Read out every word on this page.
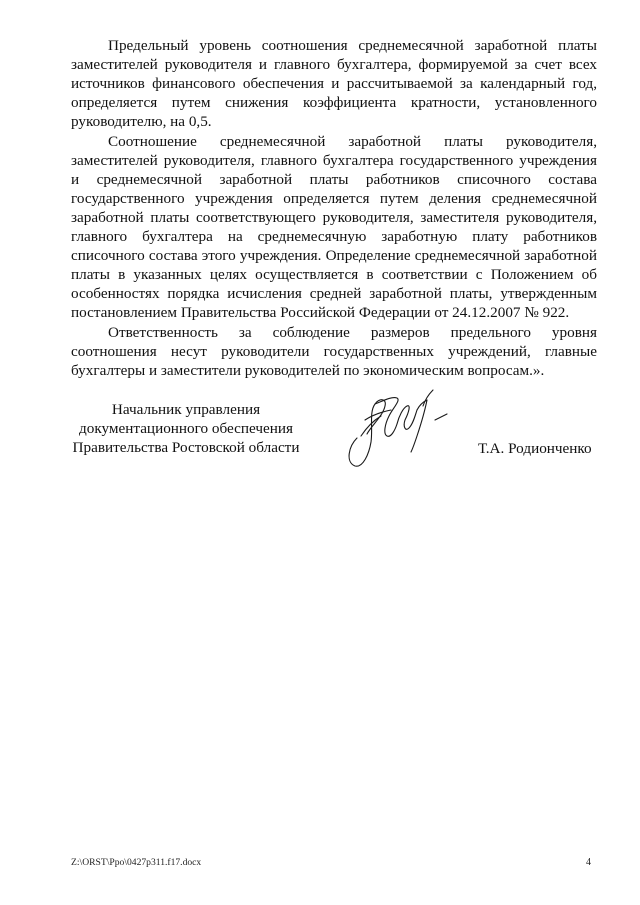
Предельный уровень соотношения среднемесячной заработной платы заместителей руководителя и главного бухгалтера, формируемой за счет всех источников финансового обеспечения и рассчитываемой за календарный год, определяется путем снижения коэффициента кратности, установленного руководителю, на 0,5.

Соотношение среднемесячной заработной платы руководителя, заместителей руководителя, главного бухгалтера государственного учреждения и среднемесячной заработной платы работников списочного состава государственного учреждения определяется путем деления среднемесячной заработной платы соответствующего руководителя, заместителя руководителя, главного бухгалтера на среднемесячную заработную плату работников списочного состава этого учреждения. Определение среднемесячной заработной платы в указанных целях осуществляется в соответствии с Положением об особенностях порядка исчисления средней заработной платы, утвержденным постановлением Правительства Российской Федерации от 24.12.2007 № 922.

Ответственность за соблюдение размеров предельного уровня соотношения несут руководители государственных учреждений, главные бухгалтеры и заместители руководителей по экономическим вопросам.».

Начальник управления
документационного обеспечения
Правительства Ростовской области	Т.А. Родионченко
Z:\ORST\Ppo\0427p311.f17.docx	4
